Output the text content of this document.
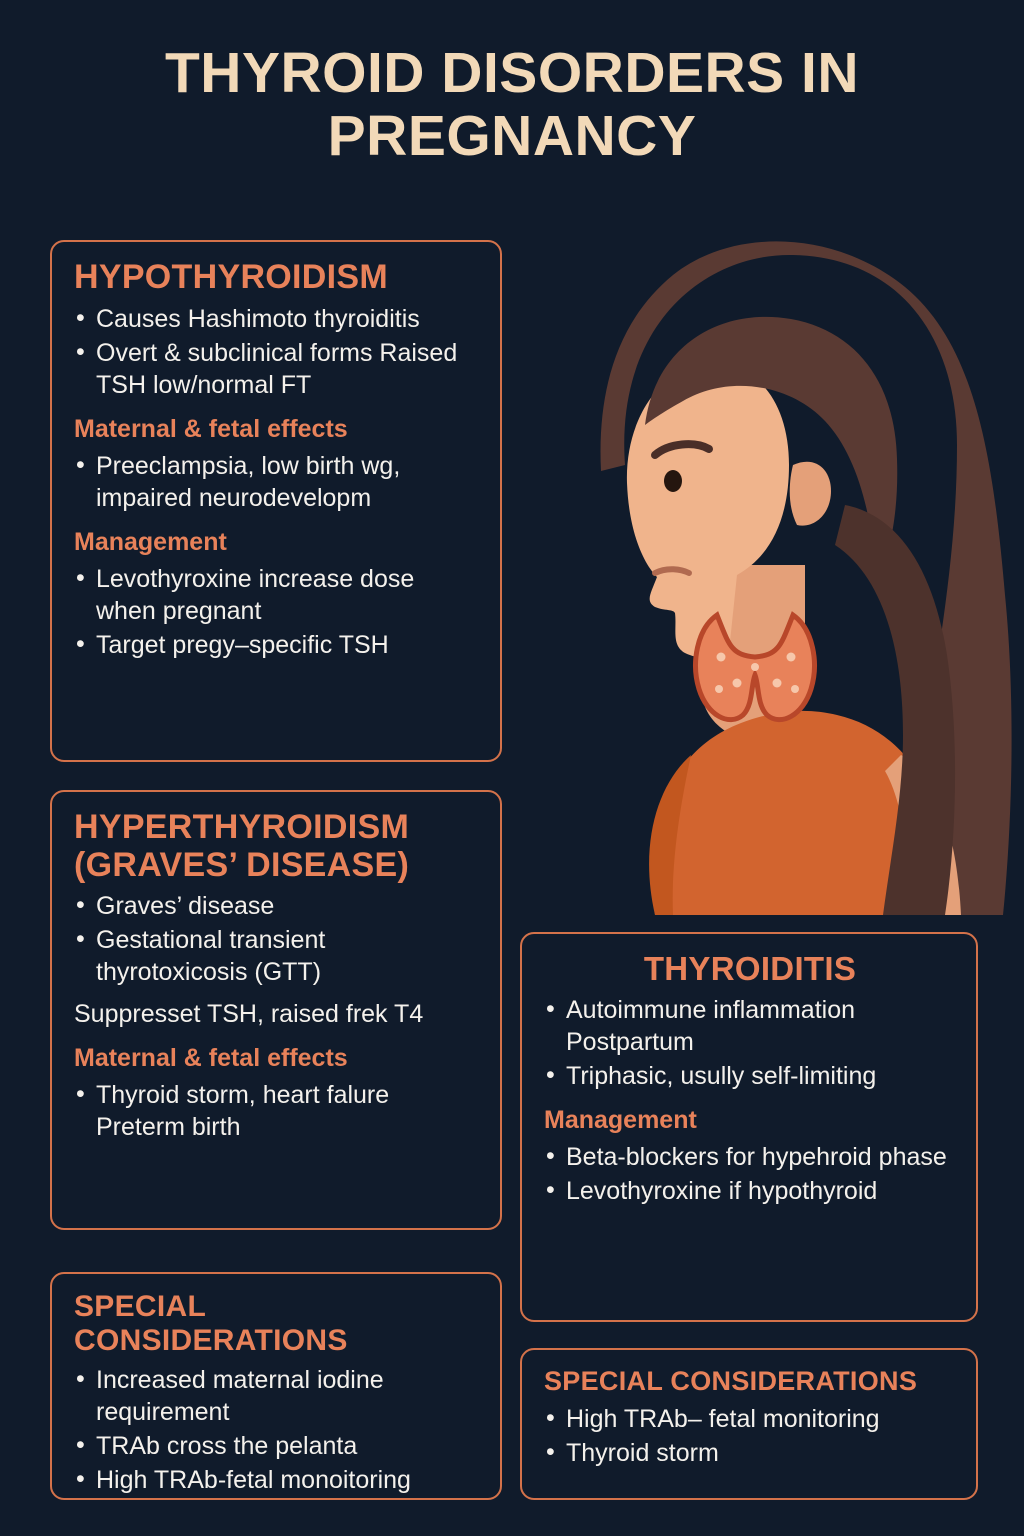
THYROID DISORDERS IN
PREGNANCY
HYPOTHYROIDISM
• Causes Hashimoto thyroiditis
• Overt & subclinical forms Raised TSH low/normal FT
Maternal & fetal effects
• Preeclampsia, low birth wg, impaired neurodevelopm
Management
• Levothyroxine increase dose when pregnant
• Target pregy–specific TSH
HYPERTHYROIDISM
(GRAVES’ DISEASE)
• Graves’ disease
• Gestational transient thyrotoxicosis (GTT)
Suppresset TSH, raised frek T4
Maternal & fetal effects
• Thyroid storm, heart falure Preterm birth
SPECIAL CONSIDERATIONS
• Increased maternal iodine requirement
• TRAb cross the pelanta
• High TRAb-fetal monoitoring
THYROIDITIS
• Autoimmune inflammation Postpartum
• Triphasic, usully self-limiting
Management
• Beta-blockers for hypehroid phase
• Levothyroxine if hypothyroid
SPECIAL CONSIDERATIONS
• High TRAb– fetal monitoring
• Thyroid storm
